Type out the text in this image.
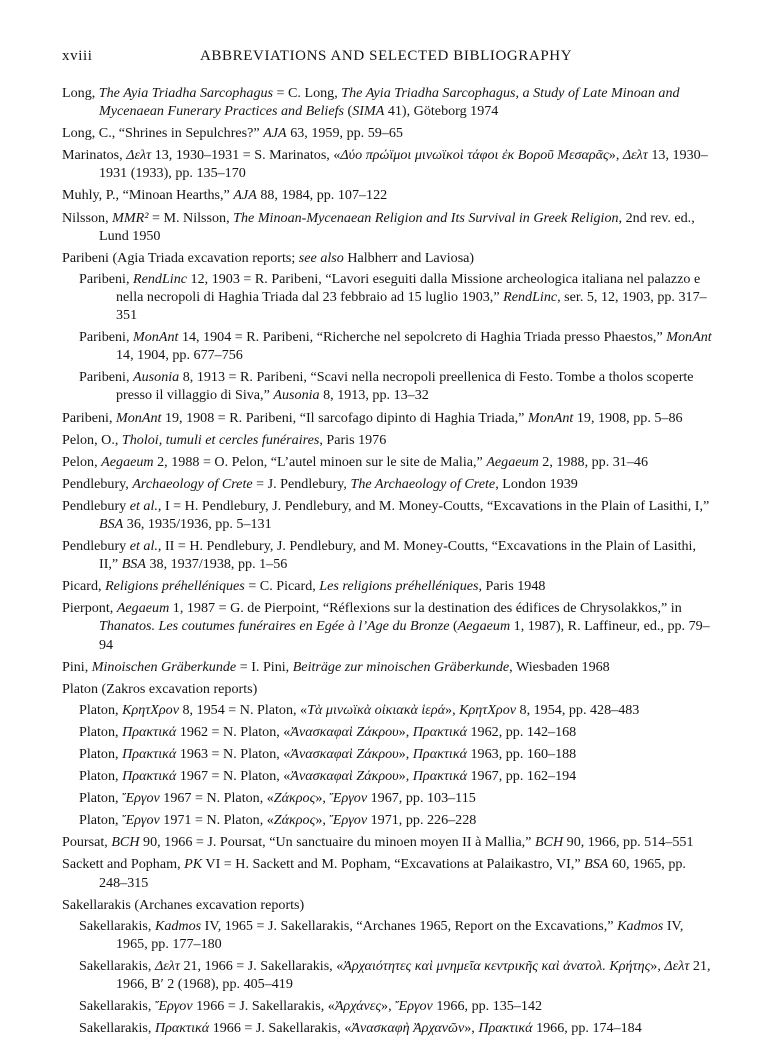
xviii	ABBREVIATIONS AND SELECTED BIBLIOGRAPHY
Long, The Ayia Triadha Sarcophagus = C. Long, The Ayia Triadha Sarcophagus, a Study of Late Minoan and Mycenaean Funerary Practices and Beliefs (SIMA 41), Göteborg 1974
Long, C., “Shrines in Sepulchres?” AJA 63, 1959, pp. 59–65
Marinatos, Δελτ 13, 1930–1931 = S. Marinatos, «Δύο πρώϊμοι μινωϊκοὶ τάφοι ἐκ Βοροῦ Μεσαρᾶς», Δελτ 13, 1930–1931 (1933), pp. 135–170
Muhly, P., “Minoan Hearths,” AJA 88, 1984, pp. 107–122
Nilsson, MMR² = M. Nilsson, The Minoan-Mycenaean Religion and Its Survival in Greek Religion, 2nd rev. ed., Lund 1950
Paribeni (Agia Triada excavation reports; see also Halbherr and Laviosa)
Paribeni, RendLinc 12, 1903 = R. Paribeni, “Lavori eseguiti dalla Missione archeologica italiana nel palazzo e nella necropoli di Haghia Triada dal 23 febbraio ad 15 luglio 1903,” RendLinc, ser. 5, 12, 1903, pp. 317–351
Paribeni, MonAnt 14, 1904 = R. Paribeni, “Richerche nel sepolcreto di Haghia Triada presso Phaestos,” MonAnt 14, 1904, pp. 677–756
Paribeni, Ausonia 8, 1913 = R. Paribeni, “Scavi nella necropoli preellenica di Festo. Tombe a tholos scoperte presso il villaggio di Siva,” Ausonia 8, 1913, pp. 13–32
Paribeni, MonAnt 19, 1908 = R. Paribeni, “Il sarcofago dipinto di Haghia Triada,” MonAnt 19, 1908, pp. 5–86
Pelon, O., Tholoi, tumuli et cercles funéraires, Paris 1976
Pelon, Aegaeum 2, 1988 = O. Pelon, “L’autel minoen sur le site de Malia,” Aegaeum 2, 1988, pp. 31–46
Pendlebury, Archaeology of Crete = J. Pendlebury, The Archaeology of Crete, London 1939
Pendlebury et al., I = H. Pendlebury, J. Pendlebury, and M. Money-Coutts, “Excavations in the Plain of Lasithi, I,” BSA 36, 1935/1936, pp. 5–131
Pendlebury et al., II = H. Pendlebury, J. Pendlebury, and M. Money-Coutts, “Excavations in the Plain of Lasithi, II,” BSA 38, 1937/1938, pp. 1–56
Picard, Religions préhelléniques = C. Picard, Les religions préhelléniques, Paris 1948
Pierpont, Aegaeum 1, 1987 = G. de Pierpoint, “Réflexions sur la destination des édifices de Chrysolakkos,” in Thanatos. Les coutumes funéraires en Egée à l’Age du Bronze (Aegaeum 1, 1987), R. Laffineur, ed., pp. 79–94
Pini, Minoischen Gräberkunde = I. Pini, Beiträge zur minoischen Gräberkunde, Wiesbaden 1968
Platon (Zakros excavation reports)
Platon, ΚρητΧρον 8, 1954 = N. Platon, «Τὰ μινωϊκὰ οἰκιακὰ ἱερά», ΚρητΧρον 8, 1954, pp. 428–483
Platon, Πρακτικά 1962 = N. Platon, «Ἀνασκαφαὶ Ζάκρου», Πρακτικά 1962, pp. 142–168
Platon, Πρακτικά 1963 = N. Platon, «Ἀνασκαφαὶ Ζάκρου», Πρακτικά 1963, pp. 160–188
Platon, Πρακτικά 1967 = N. Platon, «Ἀνασκαφαὶ Ζάκρου», Πρακτικά 1967, pp. 162–194
Platon, Ἔργον 1967 = N. Platon, «Ζάκρος», Ἔργον 1967, pp. 103–115
Platon, Ἔργον 1971 = N. Platon, «Ζάκρος», Ἔργον 1971, pp. 226–228
Poursat, BCH 90, 1966 = J. Poursat, “Un sanctuaire du minoen moyen II à Mallia,” BCH 90, 1966, pp. 514–551
Sackett and Popham, PK VI = H. Sackett and M. Popham, “Excavations at Palaikastro, VI,” BSA 60, 1965, pp. 248–315
Sakellarakis (Archanes excavation reports)
Sakellarakis, Kadmos IV, 1965 = J. Sakellarakis, “Archanes 1965, Report on the Excavations,” Kadmos IV, 1965, pp. 177–180
Sakellarakis, Δελτ 21, 1966 = J. Sakellarakis, «Ἀρχαιότητες καὶ μνημεῖα κεντρικῆς καὶ ἀνατολ. Κρήτης», Δελτ 21, 1966, B′ 2 (1968), pp. 405–419
Sakellarakis, Ἔργον 1966 = J. Sakellarakis, «Ἀρχάνες», Ἔργον 1966, pp. 135–142
Sakellarakis, Πρακτικά 1966 = J. Sakellarakis, «Ἀνασκαφὴ Ἀρχανῶν», Πρακτικά 1966, pp. 174–184
